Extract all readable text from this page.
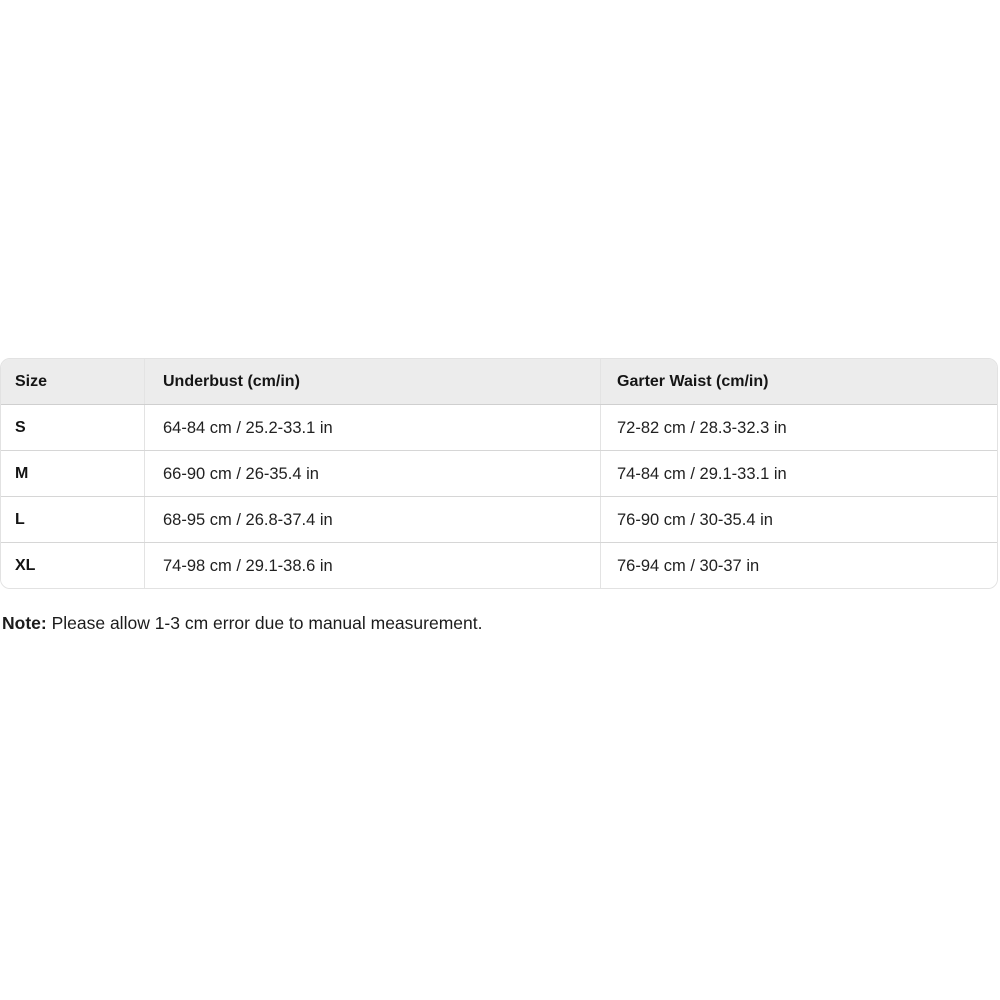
Size	Underbust (cm/in)	Garter Waist (cm/in)
S	64-84 cm / 25.2-33.1 in	72-82 cm / 28.3-32.3 in
M	66-90 cm / 26-35.4 in	74-84 cm / 29.1-33.1 in
L	68-95 cm / 26.8-37.4 in	76-90 cm / 30-35.4 in
XL	74-98 cm / 29.1-38.6 in	76-94 cm / 30-37 in
Note: Please allow 1-3 cm error due to manual measurement.
